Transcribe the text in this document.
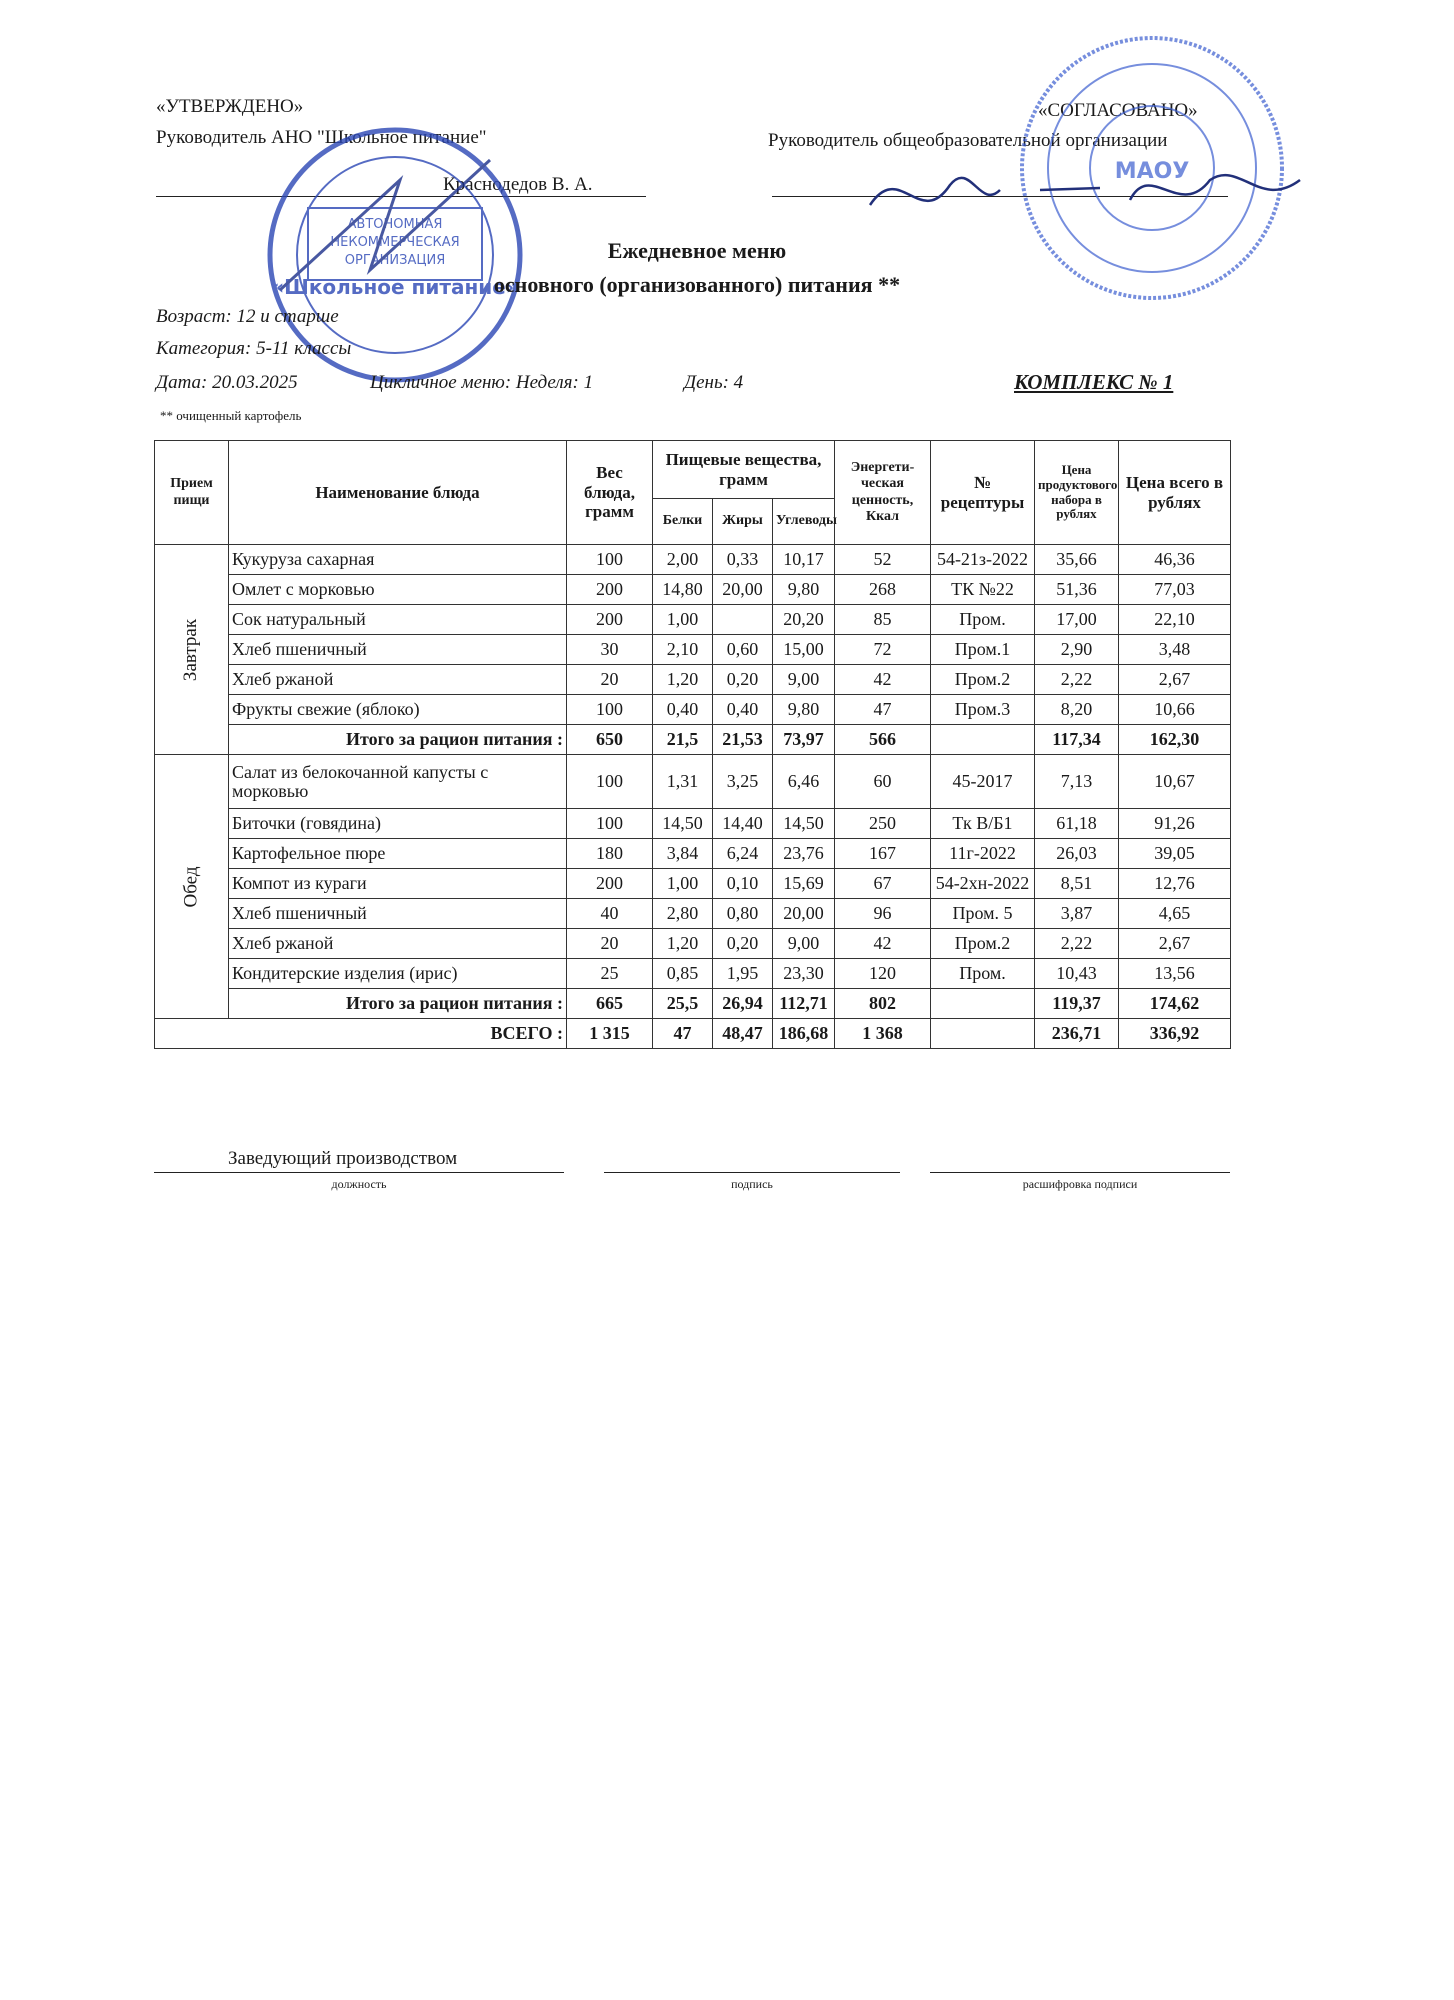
«УТВЕРЖДЕНО»
Руководитель АНО "Школьное питание"
Краснодедов В. А.
«СОГЛАСОВАНО»
Руководитель общеобразовательной организации
АВТОНОМНАЯ
НЕКОММЕРЧЕСКАЯ
ОРГАНИЗАЦИЯ
«Школьное питание»
МАОУ
Ежедневное меню
основного (организованного) питания **
Возраст: 12 и старше
Категория: 5-11 классы
Дата: 20.03.2025	Цикличное меню: Неделя: 1	День: 4	КОМПЛЕКС № 1
** очищенный картофель
Прием пищи	Наименование блюда	Вес блюда, грамм	Пищевые вещества, грамм			Энергети- ческая ценность, Ккал	№ рецептуры	Цена продуктового набора в рублях	Цена всего в рублях
			Белки	Жиры	Углеводы				
Завтрак	Кукуруза сахарная	100	2,00	0,33	10,17	52	54-21з-2022	35,66	46,36
	Омлет с морковью	200	14,80	20,00	9,80	268	ТК №22	51,36	77,03
	Сок натуральный	200	1,00		20,20	85	Пром.	17,00	22,10
	Хлеб пшеничный	30	2,10	0,60	15,00	72	Пром.1	2,90	3,48
	Хлеб ржаной	20	1,20	0,20	9,00	42	Пром.2	2,22	2,67
	Фрукты свежие (яблоко)	100	0,40	0,40	9,80	47	Пром.3	8,20	10,66
	Итого за рацион питания :	650	21,5	21,53	73,97	566		117,34	162,30
Обед	Салат из белокочанной капусты с морковью	100	1,31	3,25	6,46	60	45-2017	7,13	10,67
	Биточки (говядина)	100	14,50	14,40	14,50	250	Тк В/Б1	61,18	91,26
	Картофельное пюре	180	3,84	6,24	23,76	167	11г-2022	26,03	39,05
	Компот из кураги	200	1,00	0,10	15,69	67	54-2хн-2022	8,51	12,76
	Хлеб пшеничный	40	2,80	0,80	20,00	96	Пром. 5	3,87	4,65
	Хлеб ржаной	20	1,20	0,20	9,00	42	Пром.2	2,22	2,67
	Кондитерские изделия (ирис)	25	0,85	1,95	23,30	120	Пром.	10,43	13,56
	Итого за рацион питания :	665	25,5	26,94	112,71	802		119,37	174,62
ВСЕГО :		1 315	47	48,47	186,68	1 368		236,71	336,92
Заведующий производством
должность	подпись	расшифровка подписи
